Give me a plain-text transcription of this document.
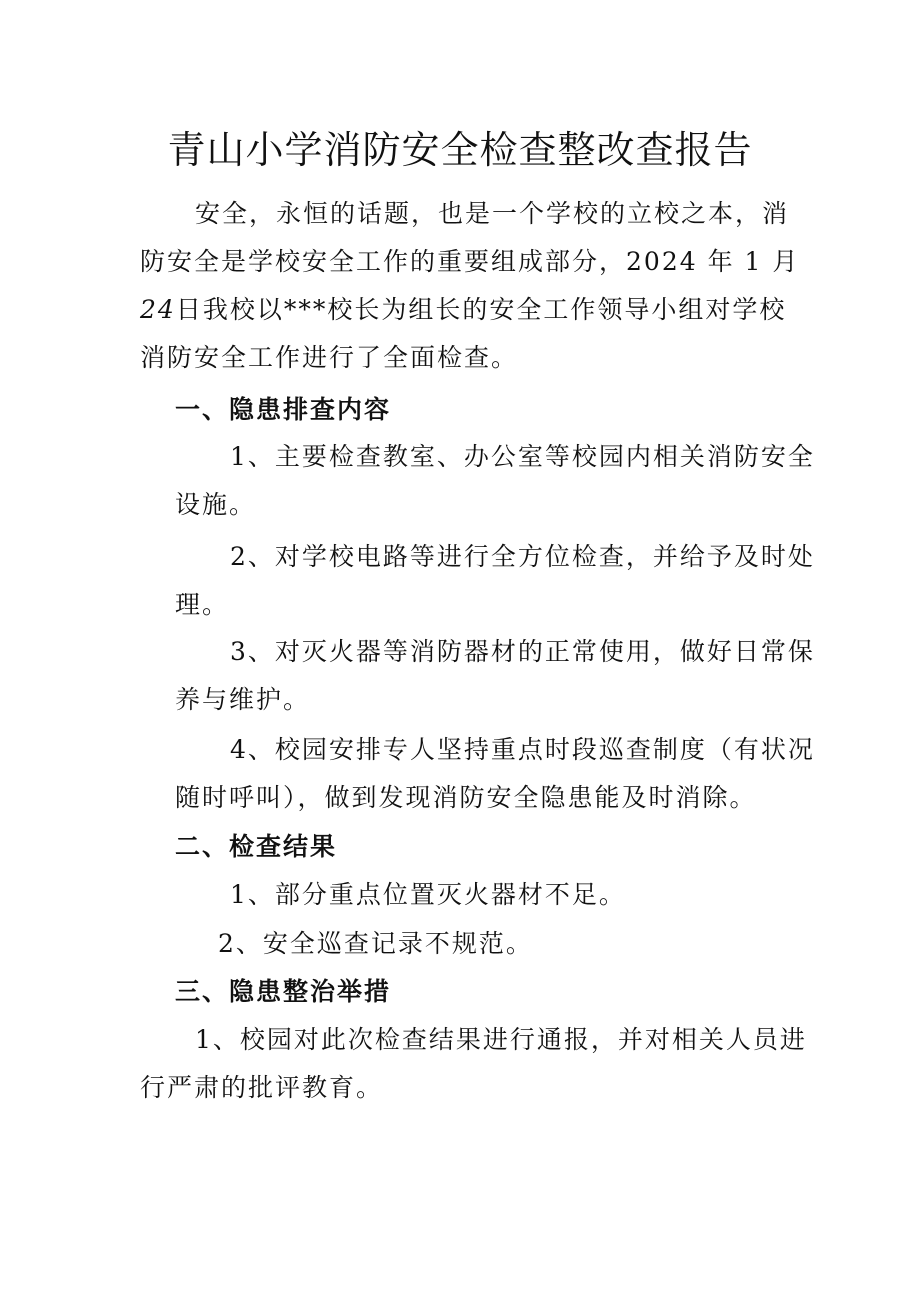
青山小学消防安全检查整改查报告

安全，永恒的话题，也是一个学校的立校之本，消
防安全是学校安全工作的重要组成部分，2024 年 1 月
24日我校以***校长为组长的安全工作领导小组对学校
消防安全工作进行了全面检查。

一、隐患排查内容

1、主要检查教室、办公室等校园内相关消防安全
设施。

2、对学校电路等进行全方位检查，并给予及时处
理。

3、对灭火器等消防器材的正常使用，做好日常保
养与维护。

4、校园安排专人坚持重点时段巡查制度（有状况
随时呼叫），做到发现消防安全隐患能及时消除。

二、检查结果

1、部分重点位置灭火器材不足。

2、安全巡查记录不规范。

三、隐患整治举措

1、校园对此次检查结果进行通报，并对相关人员进
行严肃的批评教育。
